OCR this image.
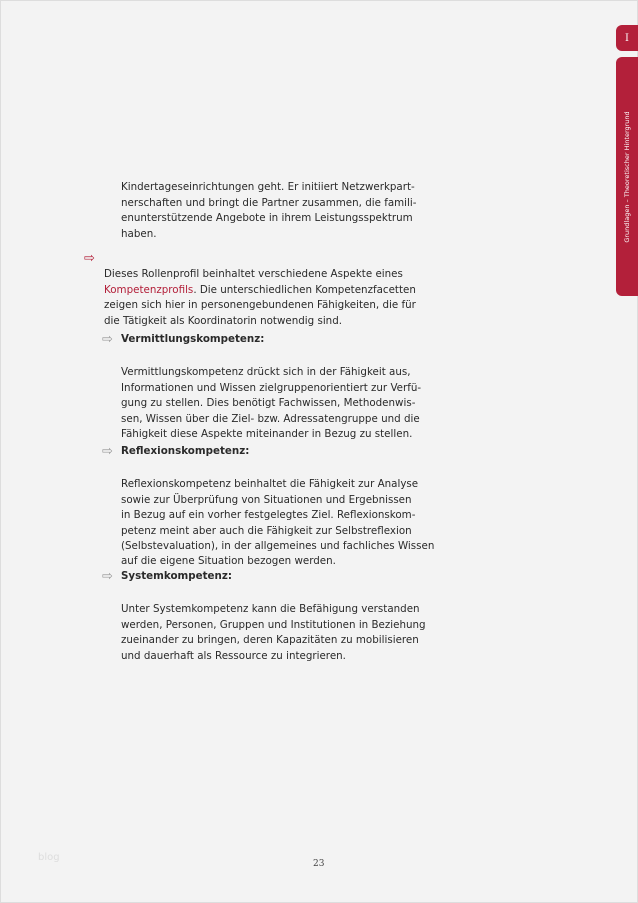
I
Grundlagen – Theoretischer Hintergrund

Kindertageseinrichtungen geht. Er initiiert Netzwerkpart-
nerschaften und bringt die Partner zusammen, die famili-
enunterstützende Angebote in ihrem Leistungsspektrum
haben.

⇨

Dieses Rollenprofil beinhaltet verschiedene Aspekte eines
Kompetenzprofils. Die unterschiedlichen Kompetenzfacetten
zeigen sich hier in personengebundenen Fähigkeiten, die für
die Tätigkeit als Koordinatorin notwendig sind.

⇨ Vermittlungskompetenz:

Vermittlungskompetenz drückt sich in der Fähigkeit aus,
Informationen und Wissen zielgruppenorientiert zur Verfü-
gung zu stellen. Dies benötigt Fachwissen, Methodenwis-
sen, Wissen über die Ziel- bzw. Adressatengruppe und die
Fähigkeit diese Aspekte miteinander in Bezug zu stellen.

⇨ Reflexionskompetenz:

Reflexionskompetenz beinhaltet die Fähigkeit zur Analyse
sowie zur Überprüfung von Situationen und Ergebnissen
in Bezug auf ein vorher festgelegtes Ziel. Reflexionskom-
petenz meint aber auch die Fähigkeit zur Selbstreflexion
(Selbstevaluation), in der allgemeines und fachliches Wissen
auf die eigene Situation bezogen werden.

⇨ Systemkompetenz:

Unter Systemkompetenz kann die Befähigung verstanden
werden, Personen, Gruppen und Institutionen in Beziehung
zueinander zu bringen, deren Kapazitäten zu mobilisieren
und dauerhaft als Ressource zu integrieren.

blog
23
